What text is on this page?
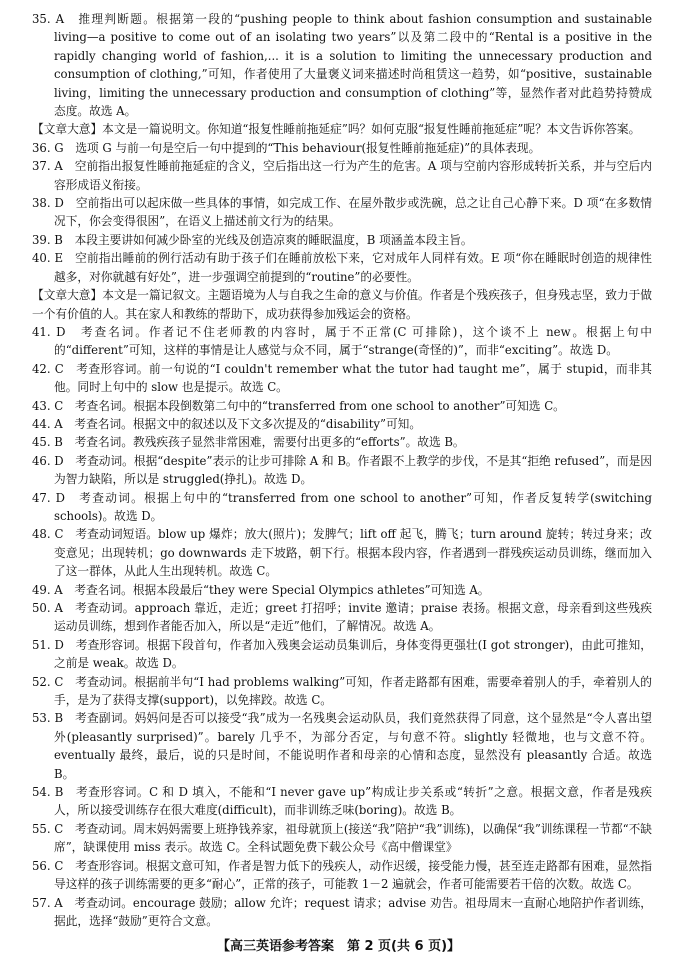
35. A　推理判断题。根据第一段的“pushing people to think about fashion consumption and sustainable living—a positive to come out of an isolating two years”以及第二段中的“Rental is a positive in the rapidly changing world of fashion,... it is a solution to limiting the unnecessary production and consumption of clothing,”可知，作者使用了大量褒义词来描述时尚租赁这一趋势，如“positive，sustainable living，limiting the unnecessary production and consumption of clothing”等，显然作者对此趋势持赞成态度。故选 A。

【文章大意】本文是一篇说明文。你知道“报复性睡前拖延症”吗？如何克服“报复性睡前拖延症”呢？本文告诉你答案。

36. G　选项 G 与前一句是空后一句中提到的“This behaviour(报复性睡前拖延症)”的具体表现。

37. A　空前指出报复性睡前拖延症的含义，空后指出这一行为产生的危害。A 项与空前内容形成转折关系，并与空后内容形成语义衔接。

38. D　空前指出可以起床做一些具体的事情，如完成工作、在屋外散步或洗碗，总之让自己心静下来。D 项“在多数情况下，你会变得很困”，在语义上描述前文行为的结果。

39. B　本段主要讲如何减少卧室的光线及创造凉爽的睡眠温度，B 项涵盖本段主旨。

40. E　空前指出睡前的例行活动有助于孩子们在睡前放松下来，它对成年人同样有效。E 项“你在睡眠时创造的规律性越多，对你就越有好处”，进一步强调空前提到的“routine”的必要性。

【文章大意】本文是一篇记叙文。主题语境为人与自我之生命的意义与价值。作者是个残疾孩子，但身残志坚，致力于做一个有价值的人。其在家人和教练的帮助下，成功获得参加残运会的资格。

41. D　考查名词。作者记不住老师教的内容时，属于不正常(C 可排除)，这个谈不上 new。根据上句中的“different”可知，这样的事情是让人感觉与众不同，属于“strange(奇怪的)”，而非“exciting”。故选 D。

42. C　考查形容词。前一句说的“I couldn't remember what the tutor had taught me”，属于 stupid，而非其他。同时上句中的 slow 也是提示。故选 C。

43. C　考查名词。根据本段倒数第二句中的“transferred from one school to another”可知选 C。

44. A　考查名词。根据文中的叙述以及下文多次提及的“disability”可知。

45. B　考查名词。教残疾孩子显然非常困难，需要付出更多的“efforts”。故选 B。

46. D　考查动词。根据“despite”表示的让步可排除 A 和 B。作者跟不上教学的步伐，不是其“拒绝 refused”，而是因为智力缺陷，所以是 struggled(挣扎)。故选 D。

47. D　考查动词。根据上句中的“transferred from one school to another”可知，作者反复转学(switching schools)。故选 D。

48. C　考查动词短语。blow up 爆炸；放大(照片)；发脾气；lift off 起飞，腾飞；turn around 旋转；转过身来；改变意见；出现转机；go downwards 走下坡路，朝下行。根据本段内容，作者遇到一群残疾运动员训练，继而加入了这一群体，从此人生出现转机。故选 C。

49. A　考查名词。根据本段最后“they were Special Olympics athletes”可知选 A。

50. A　考查动词。approach 靠近，走近；greet 打招呼；invite 邀请；praise 表扬。根据文意，母亲看到这些残疾运动员训练，想到作者能否加入，所以是“走近”他们，了解情况。故选 A。

51. D　考查形容词。根据下段首句，作者加入残奥会运动员集训后，身体变得更强壮(I got stronger)，由此可推知，之前是 weak。故选 D。

52. C　考查动词。根据前半句“I had problems walking”可知，作者走路都有困难，需要牵着别人的手，牵着别人的手，是为了获得支撑(support)，以免摔跤。故选 C。

53. B　考查副词。妈妈问是否可以接受“我”成为一名残奥会运动队员，我们竟然获得了同意，这个显然是“令人喜出望外(pleasantly surprised)”。barely 几乎不，为部分否定，与句意不符。slightly 轻微地，也与文意不符。eventually 最终，最后，说的只是时间，不能说明作者和母亲的心情和态度，显然没有 pleasantly 合适。故选 B。

54. B　考查形容词。C 和 D 填入，不能和“I never gave up”构成让步关系或“转折”之意。根据文意，作者是残疾人，所以接受训练存在很大难度(difficult)，而非训练乏味(boring)。故选 B。

55. C　考查动词。周末妈妈需要上班挣钱养家，祖母就顶上(接送“我”陪护“我”训练)，以确保“我”训练课程一节都“不缺席”，缺课使用 miss 表示。故选 C。全科试题免费下载公众号《高中僧课堂》

56. C　考查形容词。根据文意可知，作者是智力低下的残疾人，动作迟缓，接受能力慢，甚至连走路都有困难，显然指导这样的孩子训练需要的更多“耐心”，正常的孩子，可能教 1－2 遍就会，作者可能需要若干倍的次数。故选 C。

57. A　考查动词。encourage 鼓励；allow 允许；request 请求；advise 劝告。祖母周末一直耐心地陪护作者训练，据此，选择“鼓励”更符合文意。

【高三英语参考答案　第 2 页(共 6 页)】
